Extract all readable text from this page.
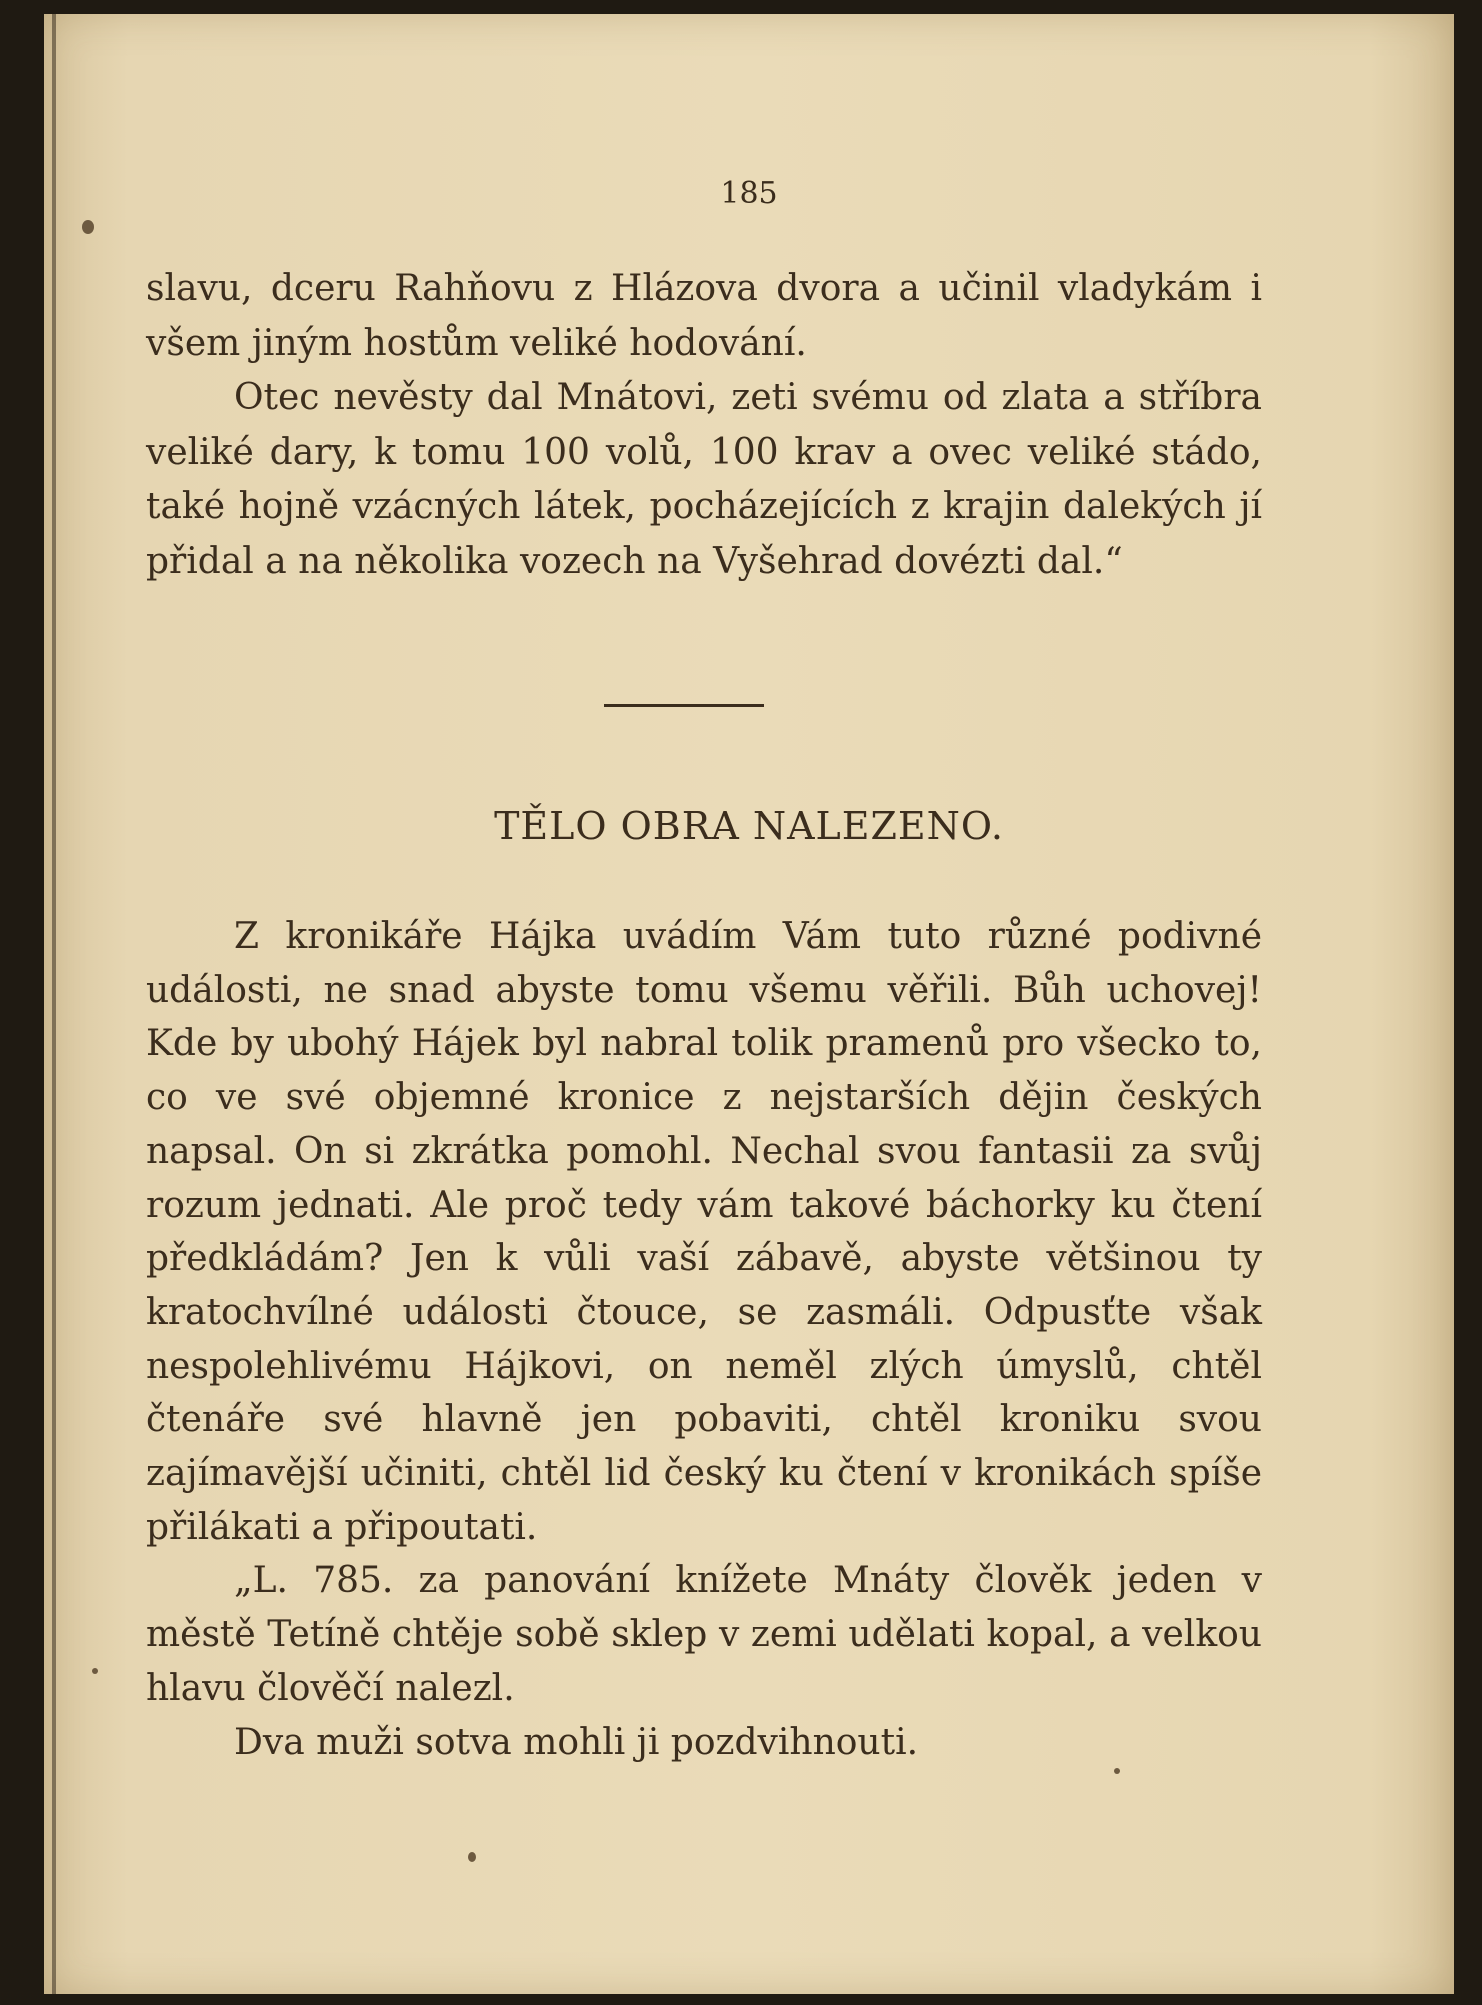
185

slavu, dceru Rahňovu z Hlázova dvora a učinil vladykám i všem jiným hostům veliké hodování.

Otec nevěsty dal Mnátovi, zeti svému od zlata a stříbra veliké dary, k tomu 100 volů, 100 krav a ovec veliké stádo, také hojně vzácných látek, pocházejících z krajin dalekých jí přidal a na několika vozech na Vyšehrad dovézti dal.“

TĚLO OBRA NALEZENO.

Z kronikáře Hájka uvádím Vám tuto různé podivné události, ne snad abyste tomu všemu věřili. Bůh uchovej! Kde by ubohý Hájek byl nabral tolik pramenů pro všecko to, co ve své objemné kronice z nejstarších dějin českých napsal. On si zkrátka pomohl. Nechal svou fantasii za svůj rozum jednati. Ale proč tedy vám takové báchorky ku čtení předkládám? Jen k vůli vaší zábavě, abyste většinou ty kratochvílné události čtouce, se zasmáli. Odpusťte však nespolehlivému Hájkovi, on neměl zlých úmyslů, chtěl čtenáře své hlavně jen pobaviti, chtěl kroniku svou zajímavější učiniti, chtěl lid český ku čtení v kronikách spíše přilákati a připoutati.

„L. 785. za panování knížete Mnáty člověk jeden v městě Tetíně chtěje sobě sklep v zemi udělati kopal, a velkou hlavu člověčí nalezl.

Dva muži sotva mohli ji pozdvihnouti.
